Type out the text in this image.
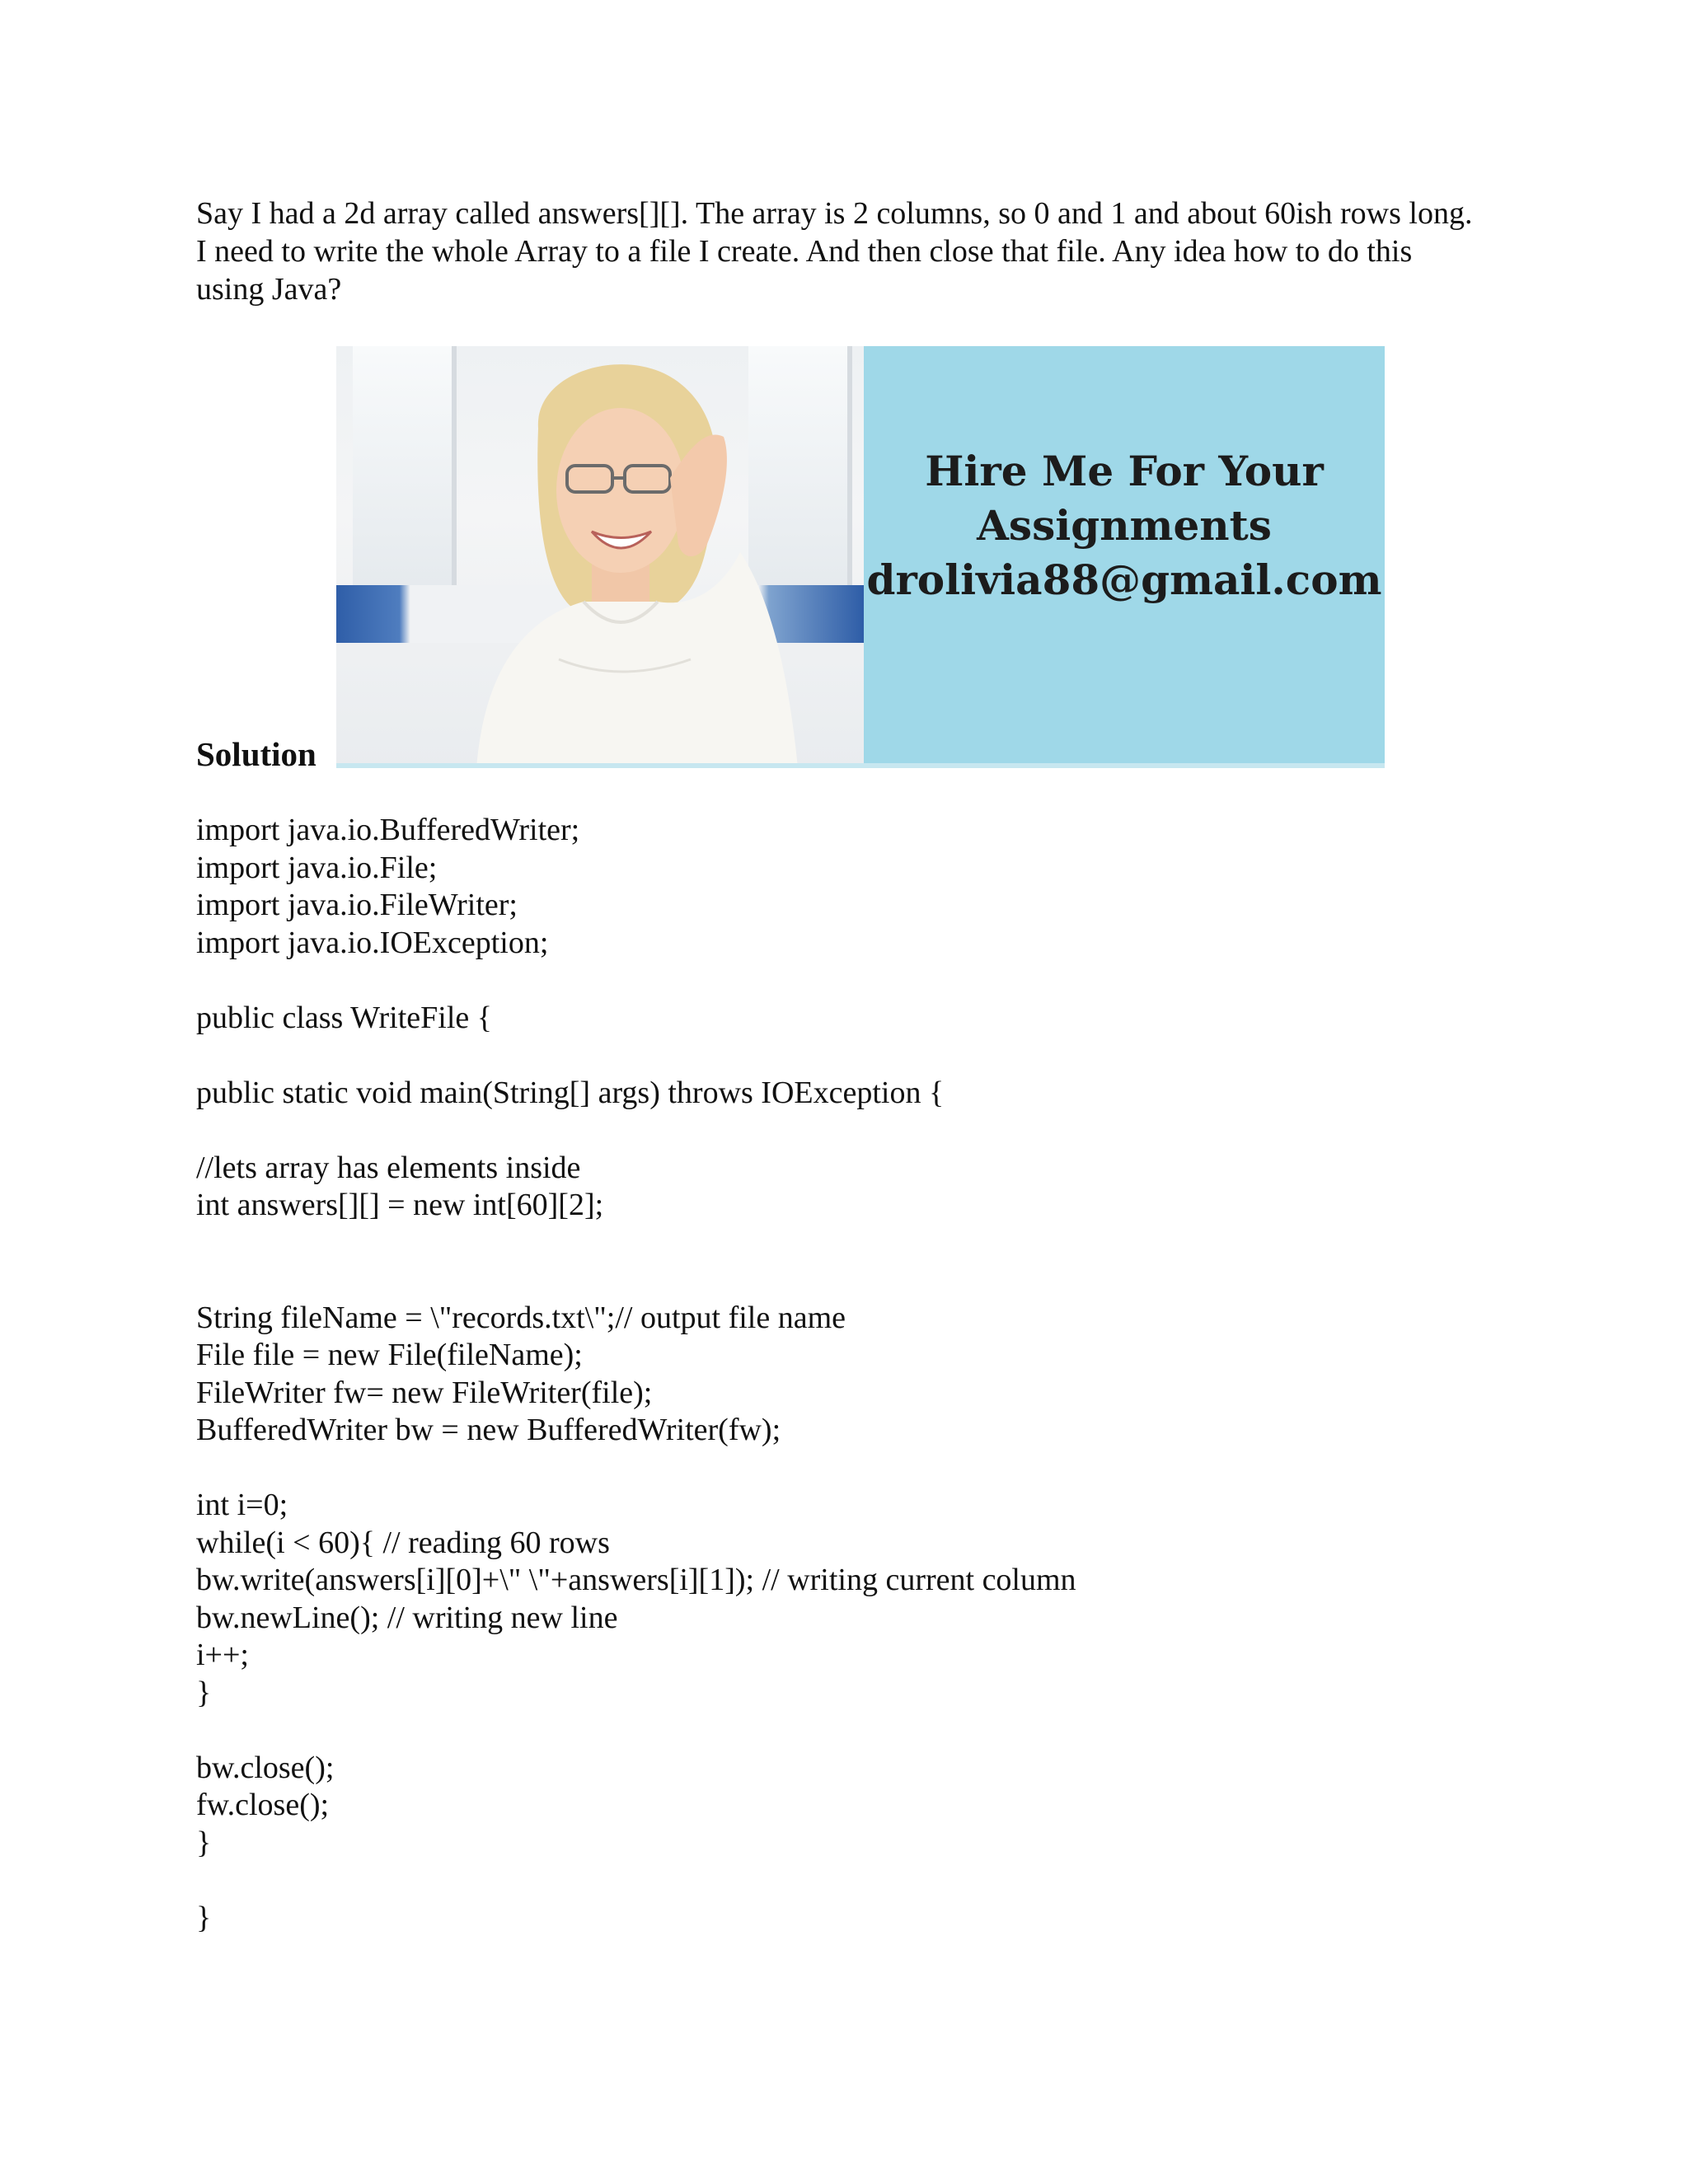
Say I had a 2d array called answers[][]. The array is 2 columns, so 0 and 1 and about 60ish rows long. I need to write the whole Array to a file I create. And then close that file. Any idea how to do this using Java?

Hire Me For Your
Assignments
drolivia88@gmail.com
Solution
import java.io.BufferedWriter;
import java.io.File;
import java.io.FileWriter;
import java.io.IOException;
public class WriteFile {
public static void main(String[] args) throws IOException {
//lets array has elements inside
int answers[][] = new int[60][2];
String fileName = \"records.txt\";// output file name
File file = new File(fileName);
FileWriter fw= new FileWriter(file);
BufferedWriter bw = new BufferedWriter(fw);
int i=0;
while(i < 60){ // reading 60 rows
bw.write(answers[i][0]+\" \"+answers[i][1]); // writing current column
bw.newLine(); // writing new line
i++;
}
bw.close();
fw.close();
}
}
